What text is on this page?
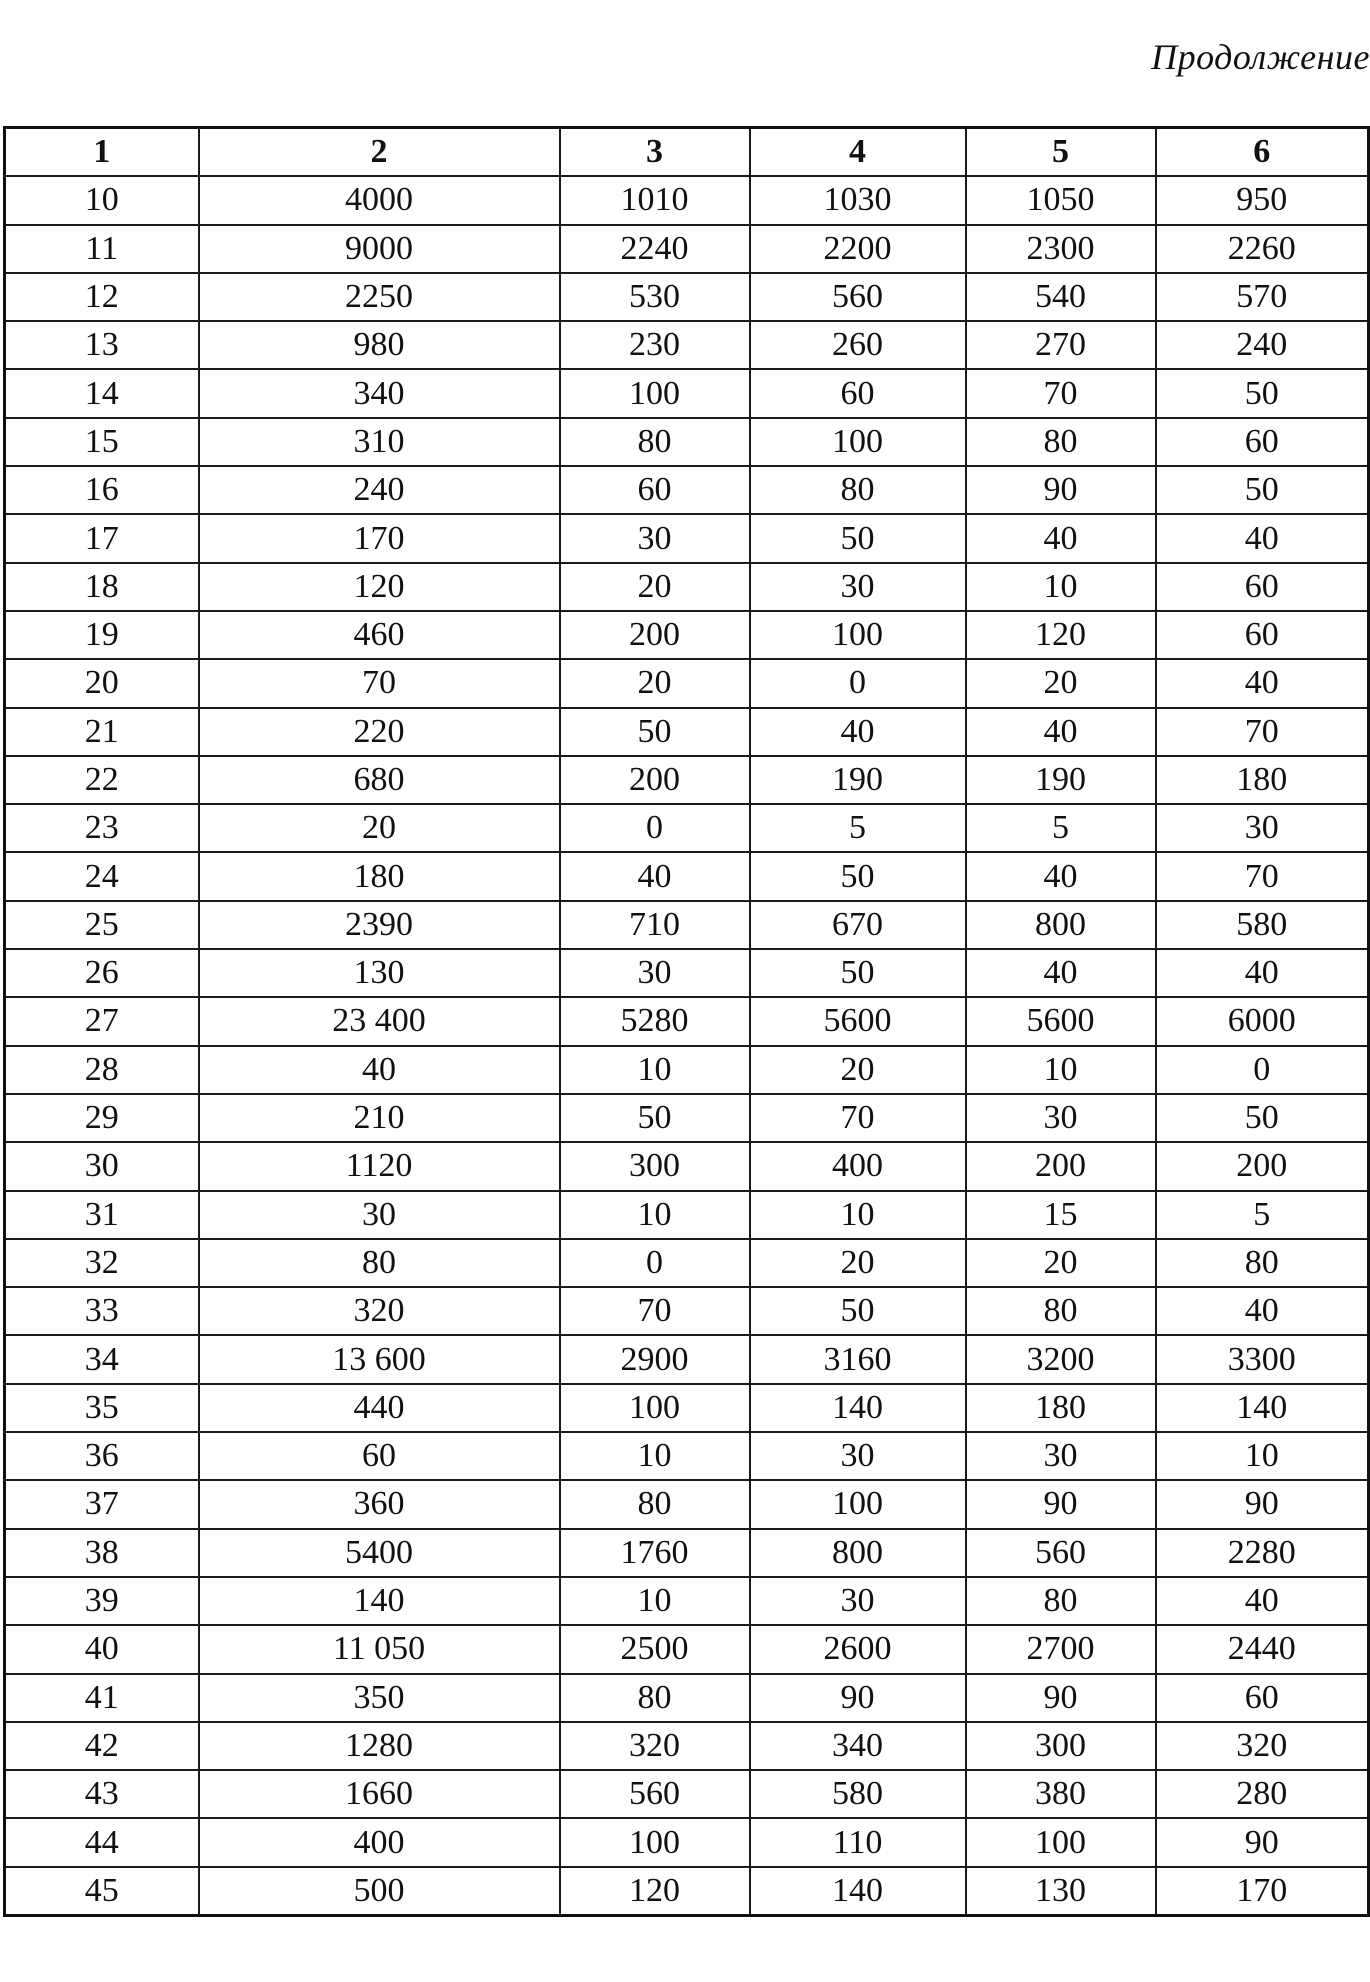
Продолжение
1	2	3	4	5	6
10	4000	1010	1030	1050	950
11	9000	2240	2200	2300	2260
12	2250	530	560	540	570
13	980	230	260	270	240
14	340	100	60	70	50
15	310	80	100	80	60
16	240	60	80	90	50
17	170	30	50	40	40
18	120	20	30	10	60
19	460	200	100	120	60
20	70	20	0	20	40
21	220	50	40	40	70
22	680	200	190	190	180
23	20	0	5	5	30
24	180	40	50	40	70
25	2390	710	670	800	580
26	130	30	50	40	40
27	23 400	5280	5600	5600	6000
28	40	10	20	10	0
29	210	50	70	30	50
30	1120	300	400	200	200
31	30	10	10	15	5
32	80	0	20	20	80
33	320	70	50	80	40
34	13 600	2900	3160	3200	3300
35	440	100	140	180	140
36	60	10	30	30	10
37	360	80	100	90	90
38	5400	1760	800	560	2280
39	140	10	30	80	40
40	11 050	2500	2600	2700	2440
41	350	80	90	90	60
42	1280	320	340	300	320
43	1660	560	580	380	280
44	400	100	110	100	90
45	500	120	140	130	170
